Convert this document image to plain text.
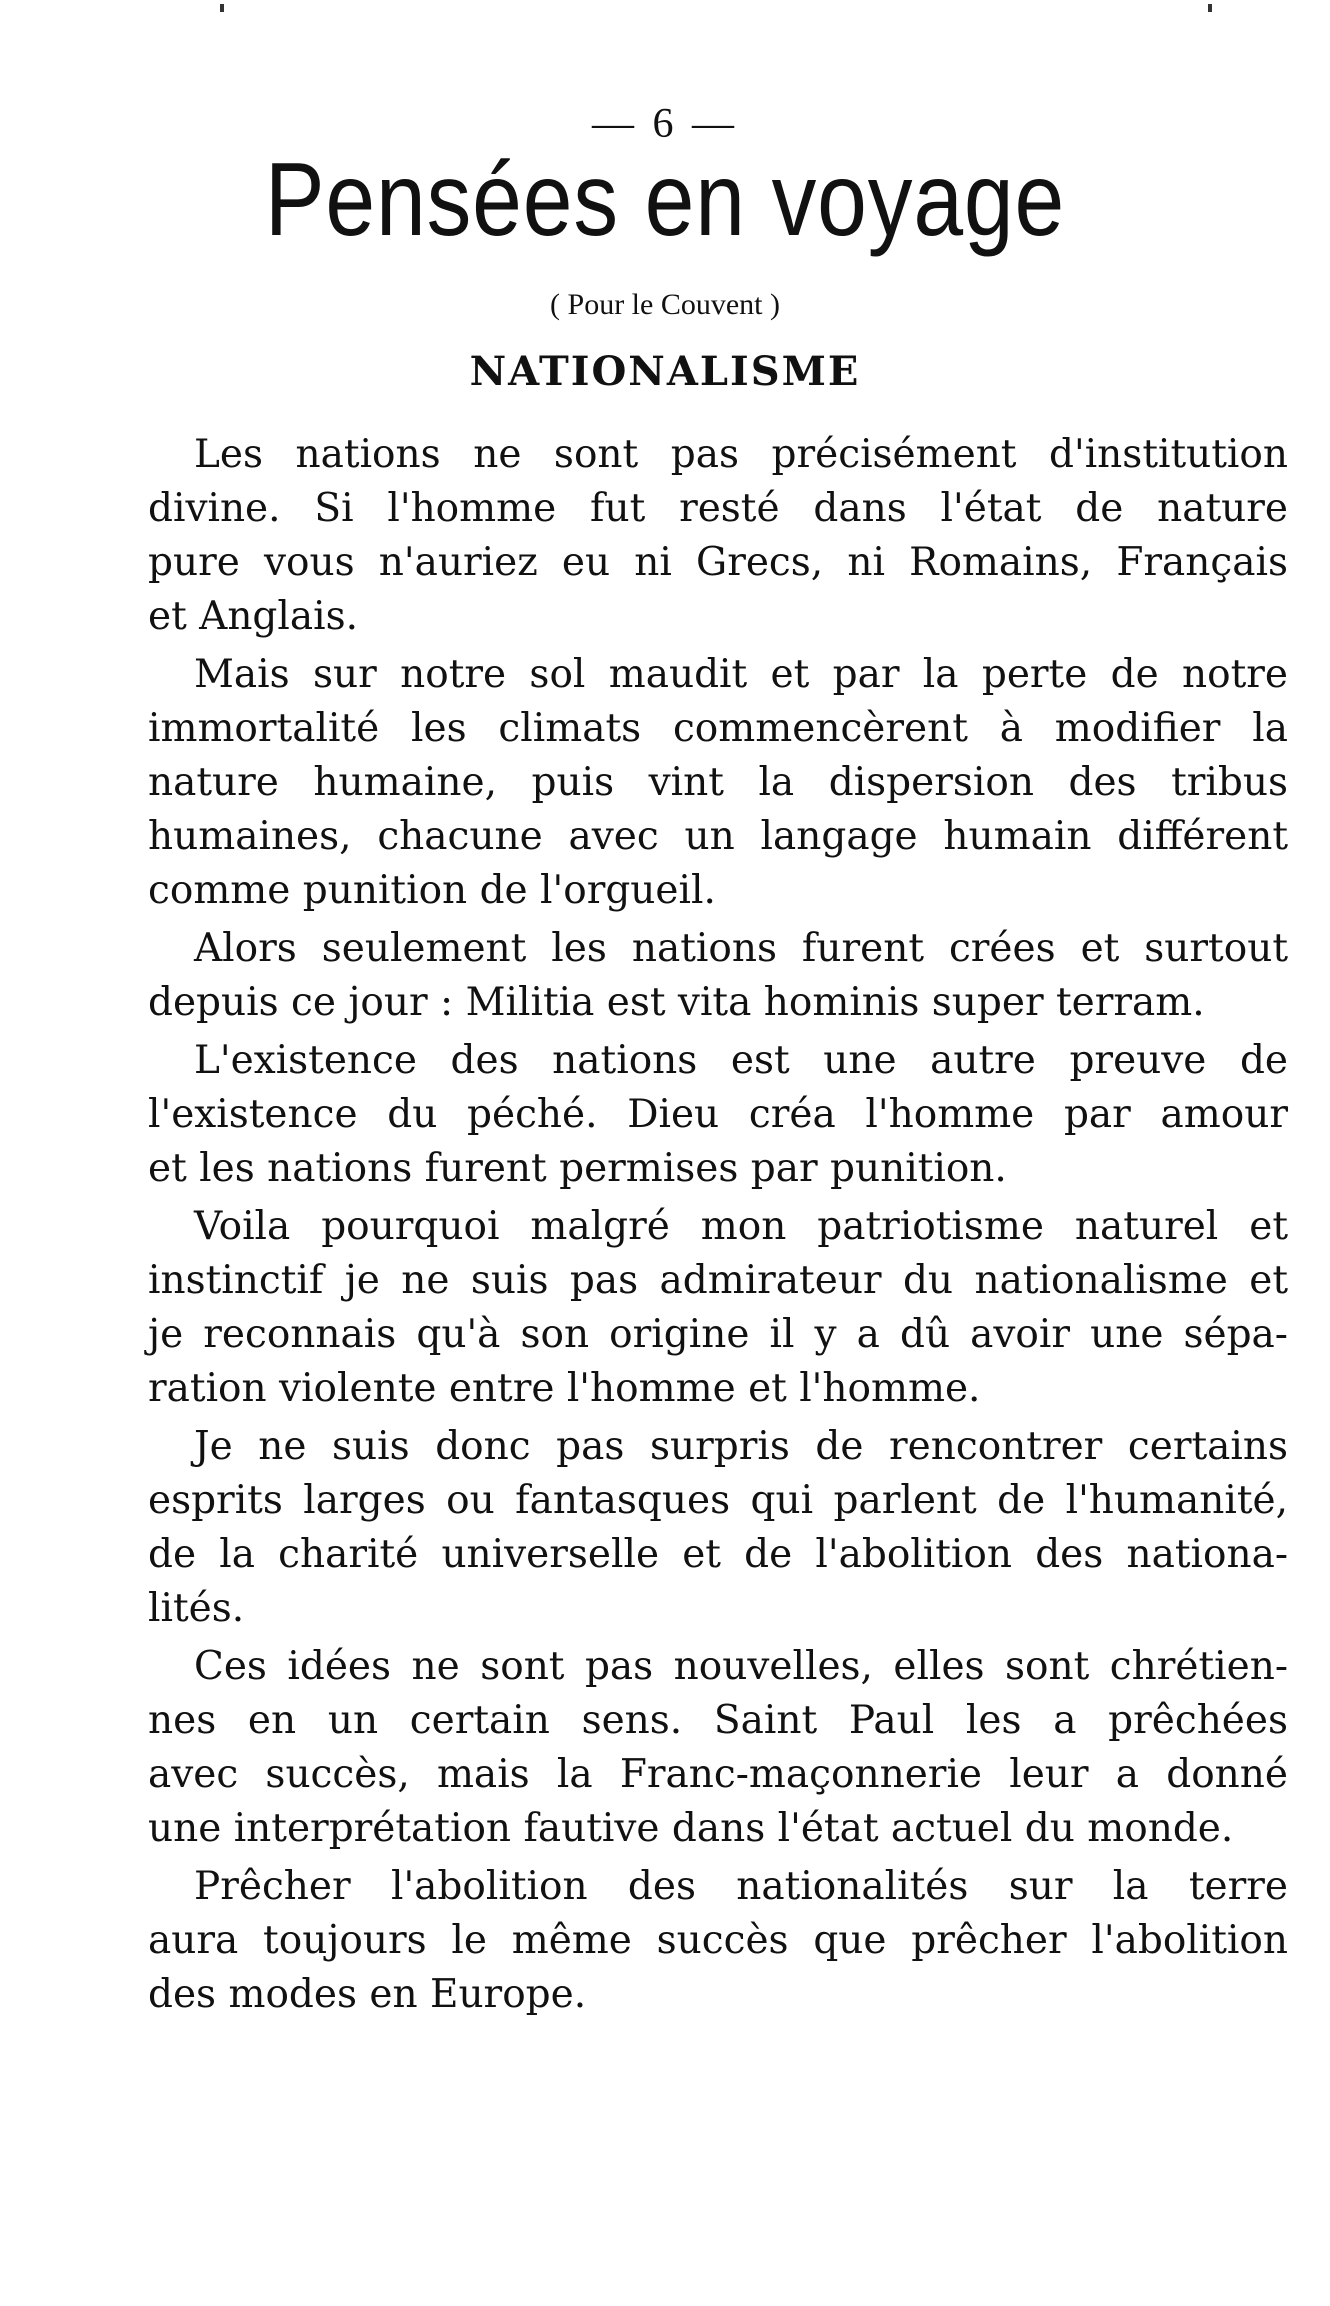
— 6 —
Pensées en voyage
( Pour le Couvent )
NATIONALISME
Les nations ne sont pas précisément d'institution
divine. Si l'homme fut resté dans l'état de nature
pure vous n'auriez eu ni Grecs, ni Romains, Français
et Anglais.
Mais sur notre sol maudit et par la perte de notre
immortalité les climats commencèrent à modifier la
nature humaine, puis vint la dispersion des tribus
humaines, chacune avec un langage humain différent
comme punition de l'orgueil.
Alors seulement les nations furent crées et surtout
depuis ce jour : Militia est vita hominis super terram.
L'existence des nations est une autre preuve de
l'existence du péché. Dieu créa l'homme par amour
et les nations furent permises par punition.
Voila pourquoi malgré mon patriotisme naturel et
instinctif je ne suis pas admirateur du nationalisme et
je reconnais qu'à son origine il y a dû avoir une sépa-
ration violente entre l'homme et l'homme.
Je ne suis donc pas surpris de rencontrer certains
esprits larges ou fantasques qui parlent de l'humanité,
de la charité universelle et de l'abolition des nationa-
lités.
Ces idées ne sont pas nouvelles, elles sont chrétien-
nes en un certain sens. Saint Paul les a prêchées
avec succès, mais la Franc-maçonnerie leur a donné
une interprétation fautive dans l'état actuel du monde.
Prêcher l'abolition des nationalités sur la terre
aura toujours le même succès que prêcher l'abolition
des modes en Europe.
